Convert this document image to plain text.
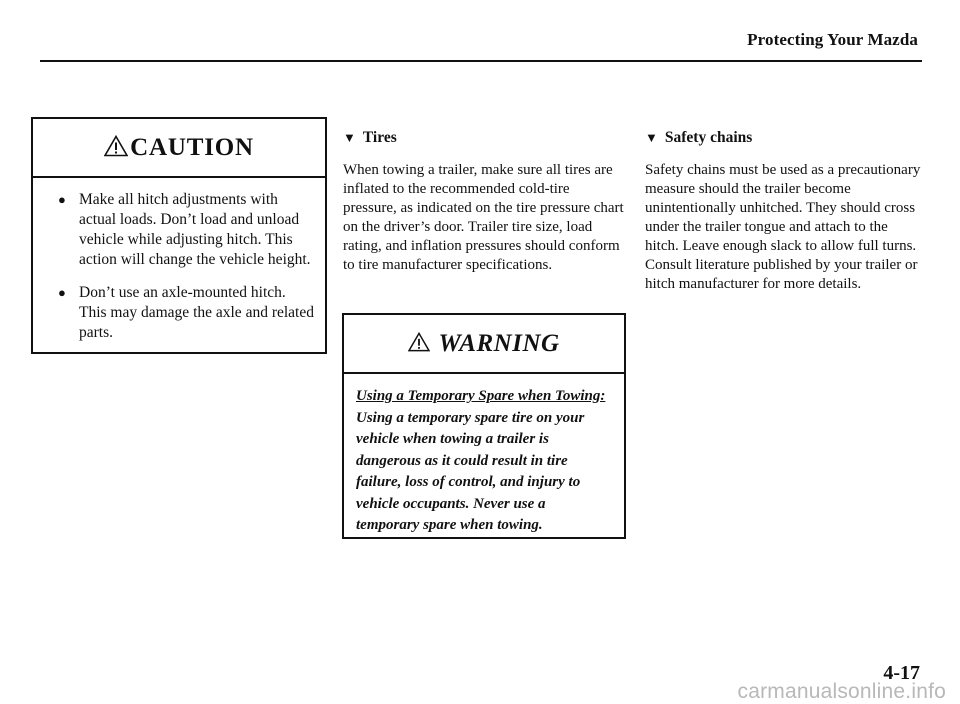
Protecting Your Mazda
CAUTION
● Make all hitch adjustments with actual loads. Don’t load and unload vehicle while adjusting hitch. This action will change the vehicle height.
● Don’t use an axle-mounted hitch. This may damage the axle and related parts.
▼ Tires
When towing a trailer, make sure all tires are inflated to the recommended cold-tire pressure, as indicated on the tire pressure chart on the driver’s door. Trailer tire size, load rating, and inflation pressures should conform to tire manufacturer specifications.
WARNING
Using a Temporary Spare when Towing:
Using a temporary spare tire on your vehicle when towing a trailer is dangerous as it could result in tire failure, loss of control, and injury to vehicle occupants. Never use a temporary spare when towing.
▼ Safety chains
Safety chains must be used as a precautionary measure should the trailer become unintentionally unhitched. They should cross under the trailer tongue and attach to the hitch. Leave enough slack to allow full turns. Consult literature published by your trailer or hitch manufacturer for more details.
4-17
carmanualsonline.info
